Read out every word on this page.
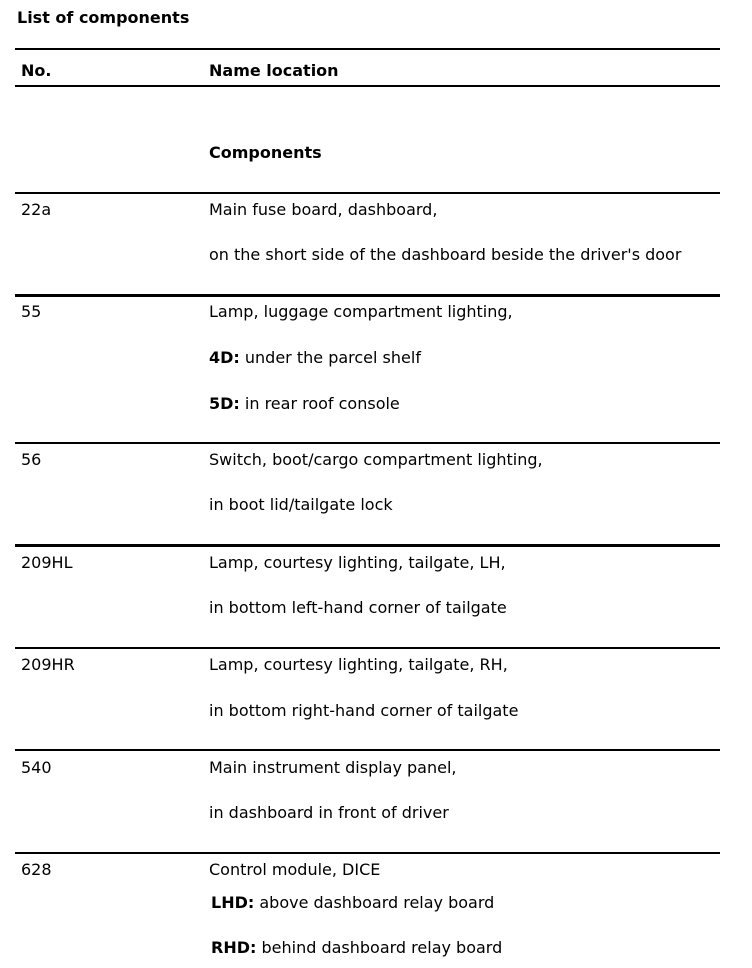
List of components
No.	Name location
Components
22a	Main fuse board, dashboard,
on the short side of the dashboard beside the driver's door
55	Lamp, luggage compartment lighting,
4D: under the parcel shelf
5D: in rear roof console
56	Switch, boot/cargo compartment lighting,
in boot lid/tailgate lock
209HL	Lamp, courtesy lighting, tailgate, LH,
in bottom left-hand corner of tailgate
209HR	Lamp, courtesy lighting, tailgate, RH,
in bottom right-hand corner of tailgate
540	Main instrument display panel,
in dashboard in front of driver
628	Control module, DICE
LHD: above dashboard relay board
RHD: behind dashboard relay board
